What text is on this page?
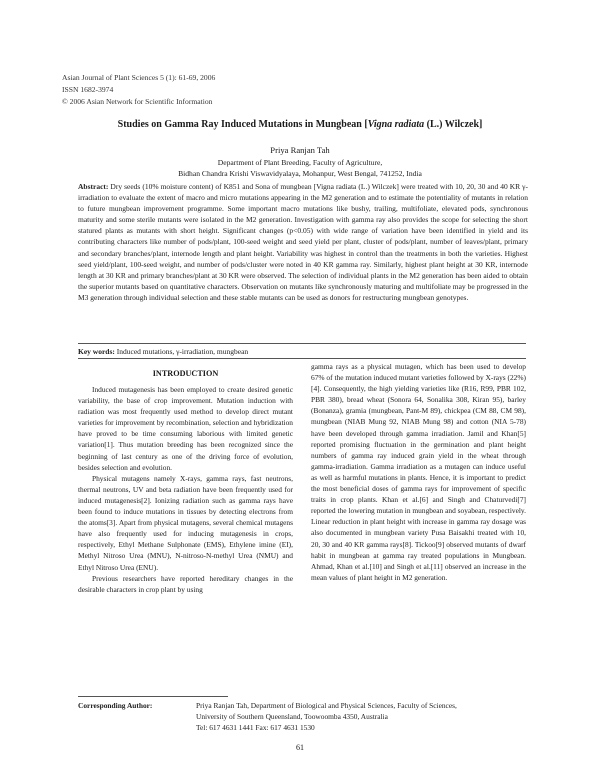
Asian Journal of Plant Sciences 5 (1): 61-69, 2006
ISSN 1682-3974
© 2006 Asian Network for Scientific Information
Studies on Gamma Ray Induced Mutations in Mungbean [Vigna radiata (L.) Wilczek]
Priya Ranjan Tah
Department of Plant Breeding, Faculty of Agriculture,
Bidhan Chandra Krishi Viswavidyalaya, Mohanpur, West Bengal, 741252, India
Abstract: Dry seeds (10% moisture content) of K851 and Sona of mungbean [Vigna radiata (L.) Wilczek] were treated with 10, 20, 30 and 40 KR γ-irradiation to evaluate the extent of macro and micro mutations appearing in the M2 generation and to estimate the potentiality of mutants in relation to future mungbean improvement programme. Some important macro mutations like bushy, trailing, multifoliate, elevated pods, synchronous maturity and some sterile mutants were isolated in the M2 generation. Investigation with gamma ray also provides the scope for selecting the short statured plants as mutants with short height. Significant changes (p<0.05) with wide range of variation have been identified in yield and its contributing characters like number of pods/plant, 100-seed weight and seed yield per plant, cluster of pods/plant, number of leaves/plant, primary and secondary branches/plant, internode length and plant height. Variability was highest in control than the treatments in both the varieties. Highest seed yield/plant, 100-seed weight, and number of pods/cluster were noted in 40 KR gamma ray. Similarly, highest plant height at 30 KR, internode length at 30 KR and primary branches/plant at 30 KR were observed. The selection of individual plants in the M2 generation has been aided to obtain the superior mutants based on quantitative characters. Observation on mutants like synchronously maturing and multifoliate may be progressed in the M3 generation through individual selection and these stable mutants can be used as donors for restructuring mungbean genotypes.
Key words: Induced mutations, γ-irradiation, mungbean
INTRODUCTION

Induced mutagenesis has been employed to create desired genetic variability, the base of crop improvement. Mutation induction with radiation was most frequently used method to develop direct mutant varieties for improvement by recombination, selection and hybridization have proved to be time consuming laborious with limited genetic variation[1]. Thus mutation breeding has been recognized since the beginning of last century as one of the driving force of evolution, besides selection and evolution.

Physical mutagens namely X-rays, gamma rays, fast neutrons, thermal neutrons, UV and beta radiation have been frequently used for induced mutagenesis[2]. Ionizing radiation such as gamma rays have been found to induce mutations in tissues by detecting electrons from the atoms[3]. Apart from physical mutagens, several chemical mutagens have also frequently used for inducing mutagenesis in crops, respectively, Ethyl Methane Sulphonate (EMS), Ethylene imine (EI), Methyl Nitroso Urea (MNU), N-nitroso-N-methyl Urea (NMU) and Ethyl Nitroso Urea (ENU).

Previous researchers have reported hereditary changes in the desirable characters in crop plant by using

gamma rays as a physical mutagen, which has been used to develop 67% of the mutation induced mutant varieties followed by X-rays (22%)[4]. Consequently, the high yielding varieties like (R16, R99, PBR 102, PBR 380), bread wheat (Sonora 64, Sonalika 308, Kiran 95), barley (Bonanza), gramia (mungbean, Pant-M 89), chickpea (CM 88, CM 98), mungbean (NIAB Mung 92, NIAB Mung 98) and cotton (NIA 5-78) have been developed through gamma irradiation. Jamil and Khan[5] reported promising fluctuation in the germination and plant height numbers of gamma ray induced grain yield in the wheat through gamma-irradiation. Gamma irradiation as a mutagen can induce useful as well as harmful mutations in plants. Hence, it is important to predict the most beneficial doses of gamma rays for improvement of specific traits in crop plants. Khan et al.[6] and Singh and Chaturvedi[7] reported the lowering mutation in mungbean and soyabean, respectively. Linear reduction in plant height with increase in gamma ray dosage was also documented in mungbean variety Pusa Baisakhi treated with 10, 20, 30 and 40 KR gamma rays[8]. Tickoo[9] observed mutants of dwarf habit in mungbean at gamma ray treated populations in Mungbean. Ahmad, Khan et al.[10] and Singh et al.[11] observed an increase in the mean values of plant height in M2 generation.

Corresponding Author:	Priya Ranjan Tah, Department of Biological and Physical Sciences, Faculty of Sciences,
University of Southern Queensland, Toowoomba 4350, Australia
Tel: 617 4631 1441 Fax: 617 4631 1530
61
